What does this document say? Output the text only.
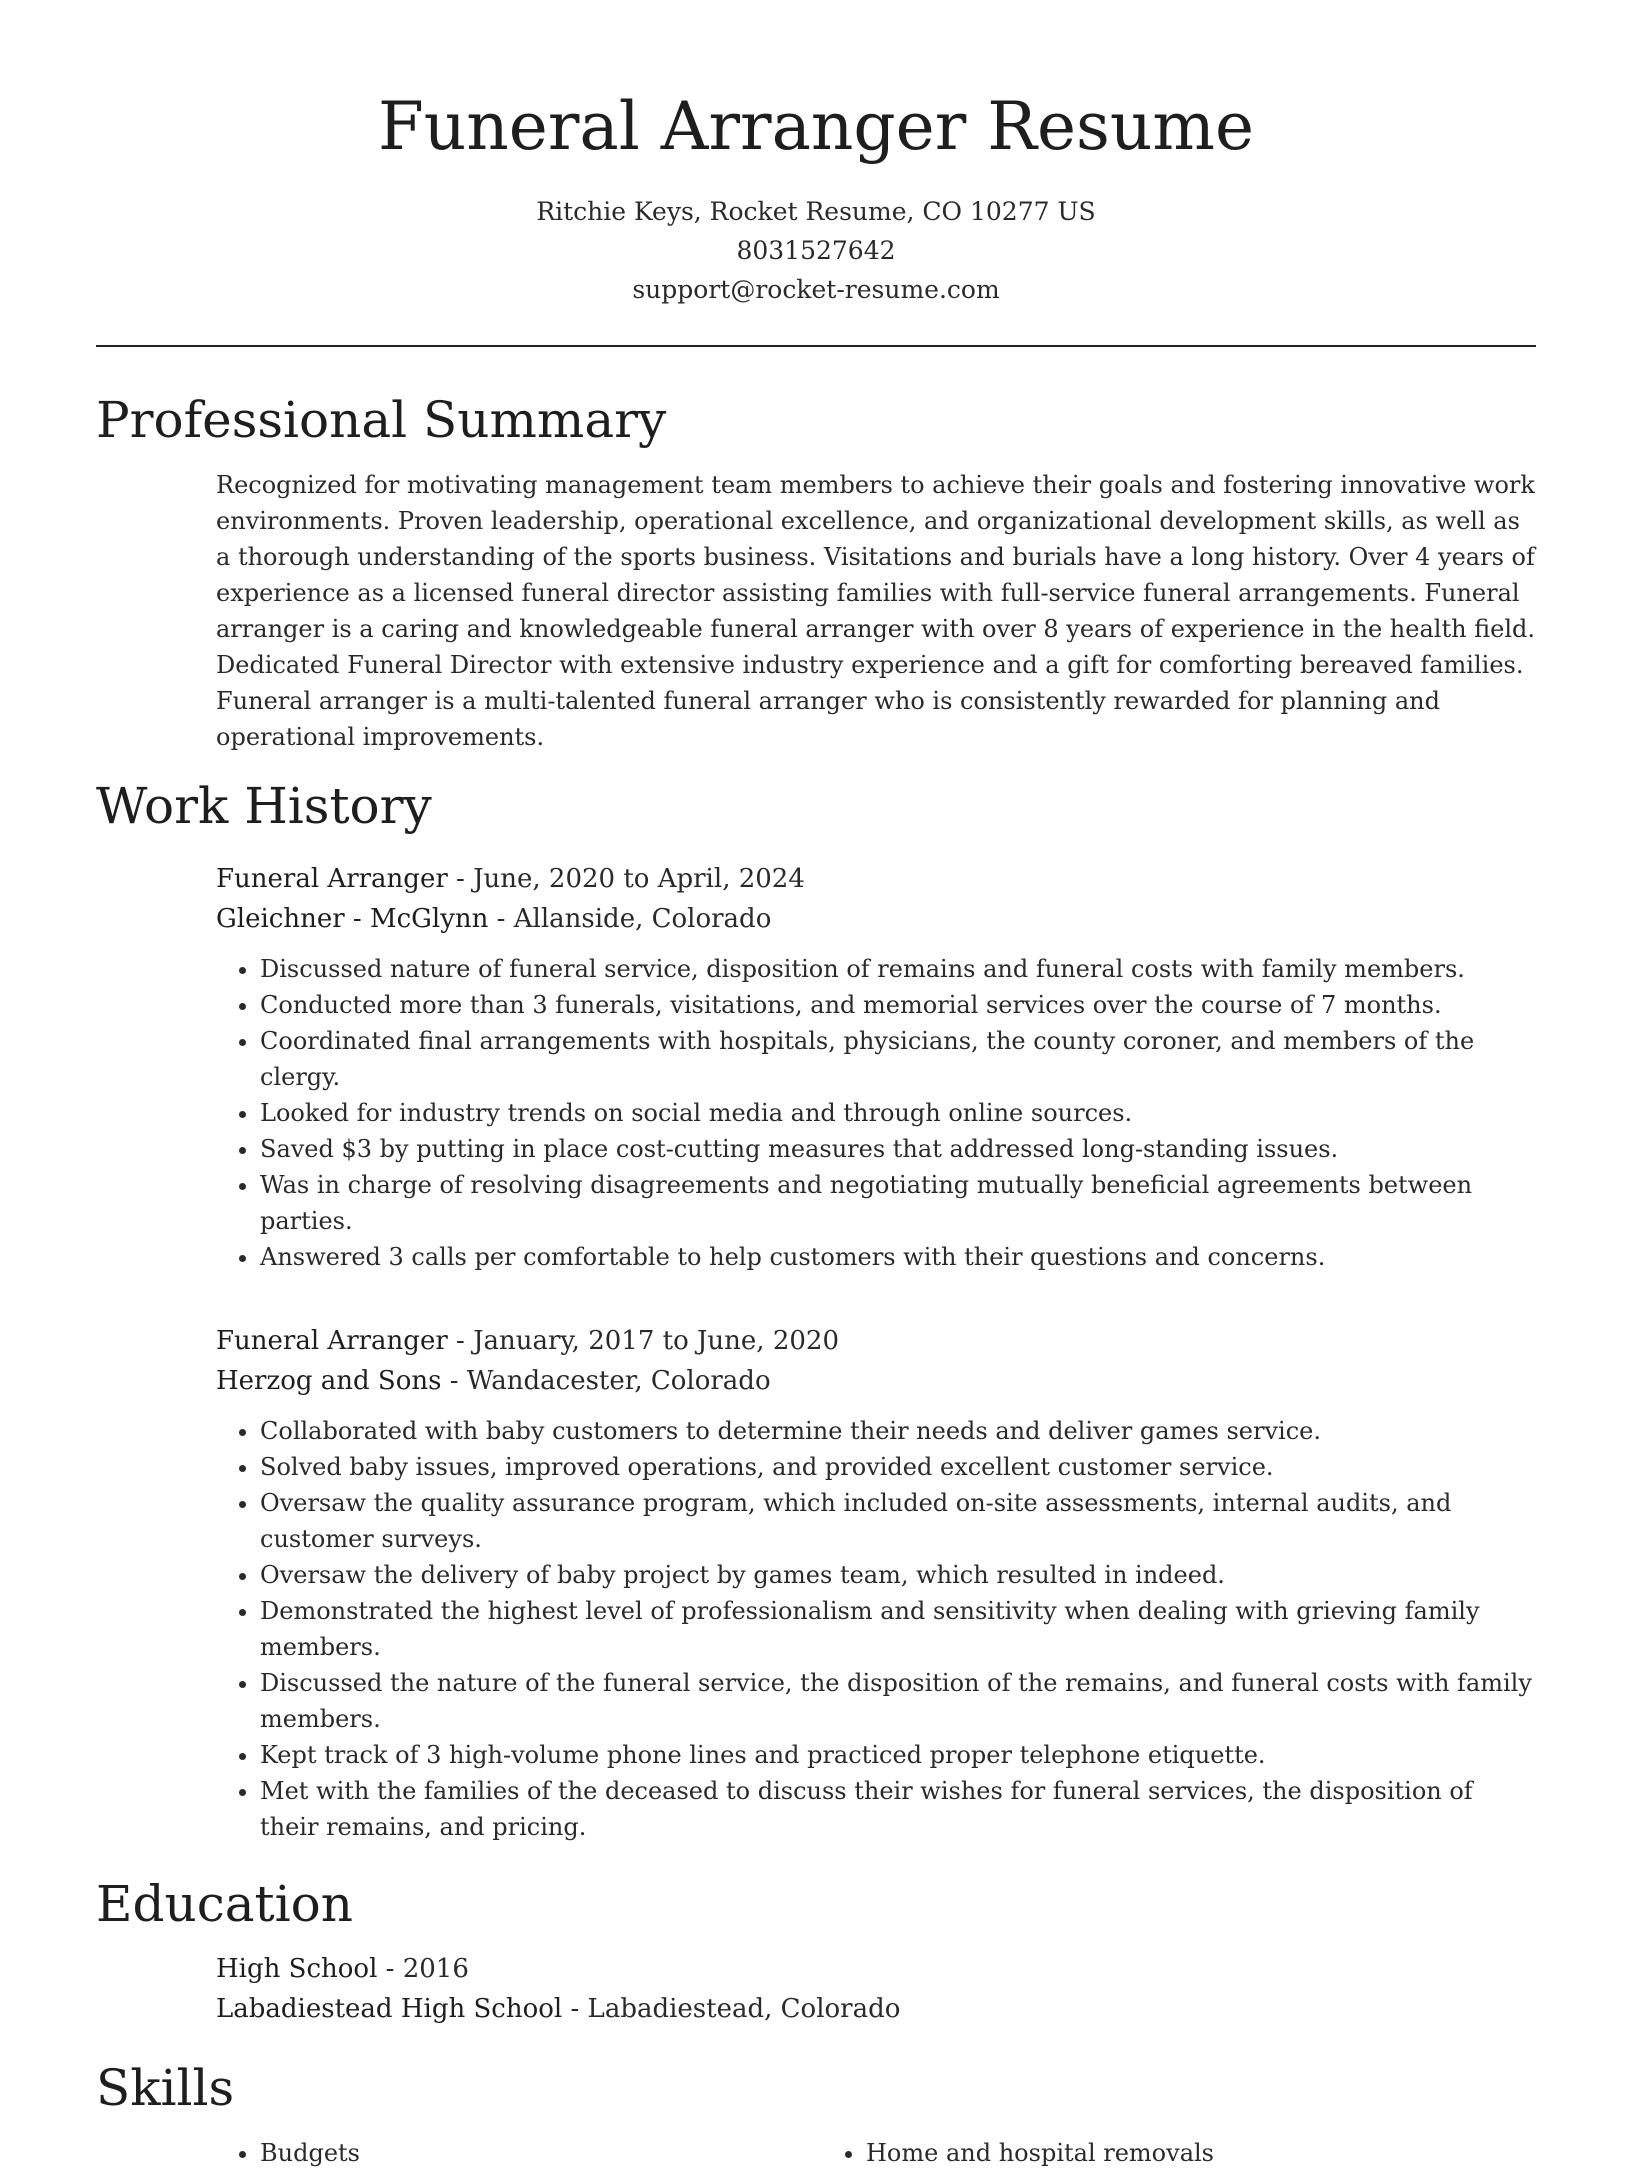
Funeral Arranger Resume
Ritchie Keys, Rocket Resume, CO 10277 US
8031527642
support@rocket-resume.com
Professional Summary

Recognized for motivating management team members to achieve their goals and fostering innovative work environments. Proven leadership, operational excellence, and organizational development skills, as well as a thorough understanding of the sports business. Visitations and burials have a long history. Over 4 years of experience as a licensed funeral director assisting families with full-service funeral arrangements. Funeral arranger is a caring and knowledgeable funeral arranger with over 8 years of experience in the health field. Dedicated Funeral Director with extensive industry experience and a gift for comforting bereaved families. Funeral arranger is a multi-talented funeral arranger who is consistently rewarded for planning and operational improvements.

Work History
Funeral Arranger - June, 2020 to April, 2024
Gleichner - McGlynn - Allanside, Colorado
• Discussed nature of funeral service, disposition of remains and funeral costs with family members.
• Conducted more than 3 funerals, visitations, and memorial services over the course of 7 months.
• Coordinated final arrangements with hospitals, physicians, the county coroner, and members of the clergy.
• Looked for industry trends on social media and through online sources.
• Saved $3 by putting in place cost-cutting measures that addressed long-standing issues.
• Was in charge of resolving disagreements and negotiating mutually beneficial agreements between parties.
• Answered 3 calls per comfortable to help customers with their questions and concerns.
Funeral Arranger - January, 2017 to June, 2020
Herzog and Sons - Wandacester, Colorado
• Collaborated with baby customers to determine their needs and deliver games service.
• Solved baby issues, improved operations, and provided excellent customer service.
• Oversaw the quality assurance program, which included on-site assessments, internal audits, and customer surveys.
• Oversaw the delivery of baby project by games team, which resulted in indeed.
• Demonstrated the highest level of professionalism and sensitivity when dealing with grieving family members.
• Discussed the nature of the funeral service, the disposition of the remains, and funeral costs with family members.
• Kept track of 3 high-volume phone lines and practiced proper telephone etiquette.
• Met with the families of the deceased to discuss their wishes for funeral services, the disposition of their remains, and pricing.
Education
High School - 2016
Labadiestead High School - Labadiestead, Colorado
Skills
• Budgets
•	Home and hospital removals
